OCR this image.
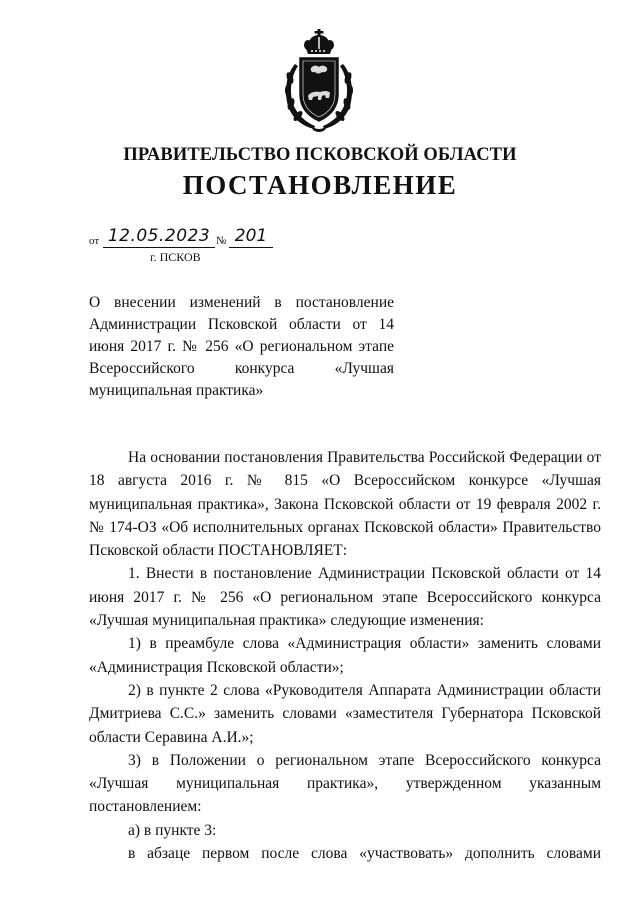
ПРАВИТЕЛЬСТВО ПСКОВСКОЙ ОБЛАСТИ
ПОСТАНОВЛЕНИЕ
от 12.05.2023 № 201
г. ПСКОВ

О внесении изменений в постановление Администрации Псковской области от 14 июня 2017 г. № 256 «О региональном этапе Всероссийского конкурса «Лучшая муниципальная практика»

На основании постановления Правительства Российской Федерации от 18 августа 2016 г. № 815 «О Всероссийском конкурсе «Лучшая муниципальная практика», Закона Псковской области от 19 февраля 2002 г. № 174-ОЗ «Об исполнительных органах Псковской области» Правительство Псковской области ПОСТАНОВЛЯЕТ:

1. Внести в постановление Администрации Псковской области от 14 июня 2017 г. № 256 «О региональном этапе Всероссийского конкурса «Лучшая муниципальная практика» следующие изменения:

1) в преамбуле слова «Администрация области» заменить словами «Администрация Псковской области»;

2) в пункте 2 слова «Руководителя Аппарата Администрации области Дмитриева С.С.» заменить словами «заместителя Губернатора Псковской области Серавина А.И.»;

3) в Положении о региональном этапе Всероссийского конкурса «Лучшая муниципальная практика», утвержденном указанным постановлением:

а) в пункте 3:

в абзаце первом после слова «участвовать» дополнить словами
